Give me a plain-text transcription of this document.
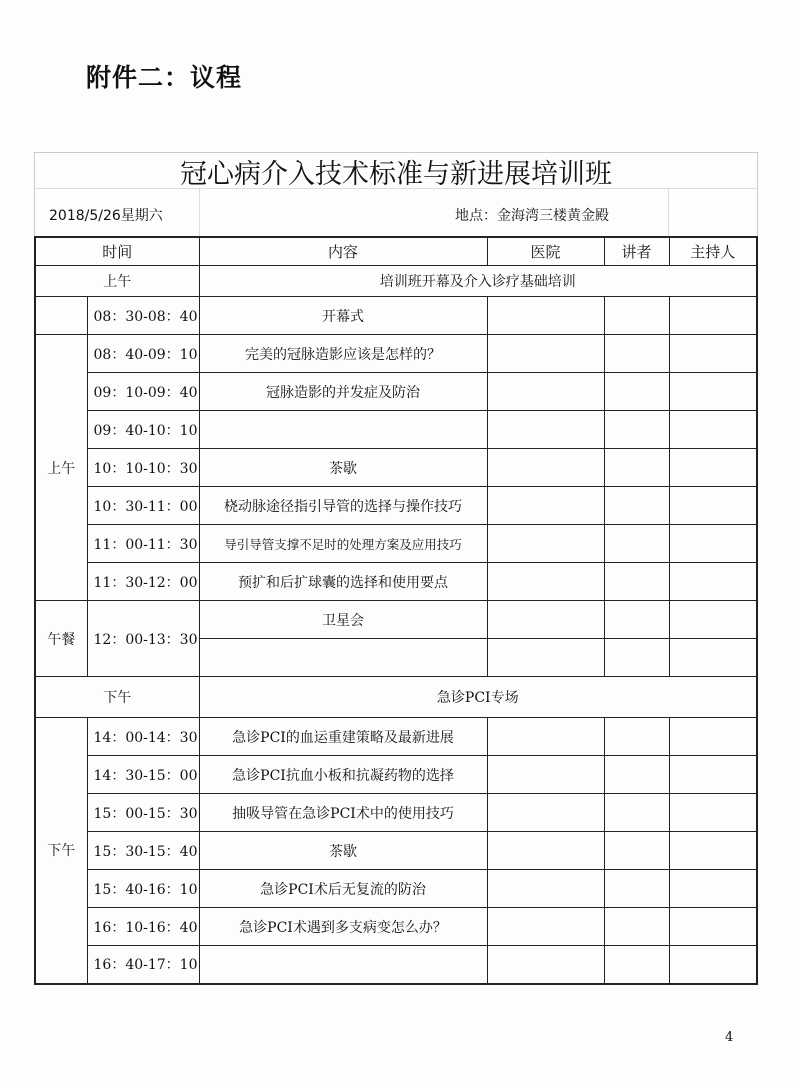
附件二：议程
冠心病介入技术标准与新进展培训班
2018/5/26星期六	地点：金海湾三楼黄金殿
时间		内容	医院	讲者	主持人
上午		培训班开幕及介入诊疗基础培训			
	08：30-08：40	开幕式			
上午	08：40-09：10	完美的冠脉造影应该是怎样的？			
	09：10-09：40	冠脉造影的并发症及防治			
	09：40-10：10				
	10：10-10：30	茶歇			
	10：30-11：00	桡动脉途径指引导管的选择与操作技巧			
	11：00-11：30	导引导管支撑不足时的处理方案及应用技巧			
	11：30-12：00	预扩和后扩球囊的选择和使用要点			
午餐	12：00-13：30	卫星会			

下午		急诊PCI专场			
下午	14：00-14：30	急诊PCI的血运重建策略及最新进展			
	14：30-15：00	急诊PCI抗血小板和抗凝药物的选择			
	15：00-15：30	抽吸导管在急诊PCI术中的使用技巧			
	15：30-15：40	茶歇			
	15：40-16：10	急诊PCI术后无复流的防治			
	16：10-16：40	急诊PCI术遇到多支病变怎么办？			
	16：40-17：10				
4
